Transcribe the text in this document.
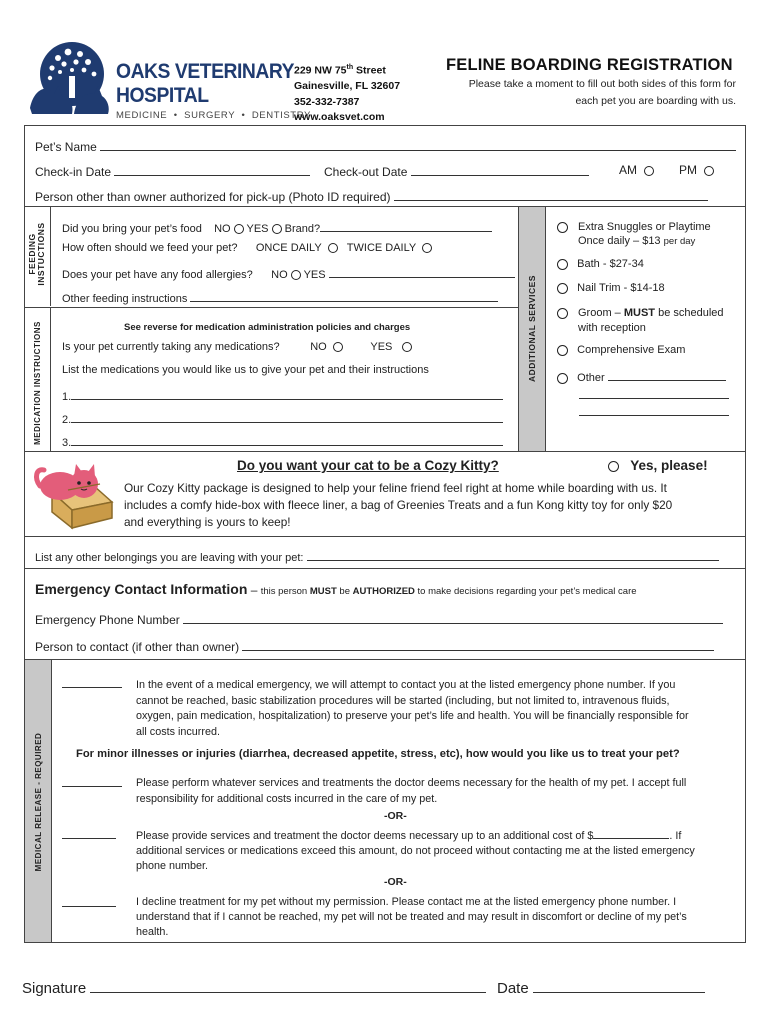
OAKS VETERINARY
HOSPITAL
MEDICINE  •  SURGERY  •  DENTISTRY
229 NW 75th Street
Gainesville, FL 32607
352-332-7387
www.oaksvet.com
FELINE BOARDING REGISTRATION
Please take a moment to fill out both sides of this form for
each pet you are boarding with us.
Pet’s Name
Check-in Date	Check-out Date	AM	PM
Person other than owner authorized for pick-up (Photo ID required)
FEEDING INSTUCTIONS Did you bring your pet’s food NO YES Brand?
How often should we feed your pet? ONCE DAILY TWICE DAILY
Does your pet have any food allergies? NO YES
Other feeding instructions
MEDICATION INSTRUCTIONS	See reverse for medication administration policies and charges
Is your pet currently taking any medications?	NO	YES
List the medications you would like us to give your pet and their instructions
1.
2.
3.
ADDITIONAL SERVICES
Extra Snuggles or Playtime
Once daily – $13 per day
Bath - $27-34
Nail Trim - $14-18
Groom – MUST be scheduled
with reception
Comprehensive Exam
Other
Do you want your cat to be a Cozy Kitty?	Yes, please!
Our Cozy Kitty package is designed to help your feline friend feel right at home while boarding with us. It
includes a comfy hide-box with fleece liner, a bag of Greenies Treats and a fun Kong kitty toy for only $20
and everything is yours to keep!
List any other belongings you are leaving with your pet:
Emergency Contact Information – this person MUST be AUTHORIZED to make decisions regarding your pet’s medical care
Emergency Phone Number
Person to contact (if other than owner)
MEDICAL RELEASE - REQUIRED
In the event of a medical emergency, we will attempt to contact you at the listed emergency phone number. If you
cannot be reached, basic stabilization procedures will be started (including, but not limited to, intravenous fluids,
oxygen, pain medication, hospitalization) to preserve your pet’s life and health. You will be financially responsible for
all costs incurred.
For minor illnesses or injuries (diarrhea, decreased appetite, stress, etc), how would you like us to treat your pet?
Please perform whatever services and treatments the doctor deems necessary for the health of my pet. I accept full
responsibility for additional costs incurred in the care of my pet.
-OR-
Please provide services and treatment the doctor deems necessary up to an additional cost of $	. If
additional services or medications exceed this amount, do not proceed without contacting me at the listed emergency
phone number.
-OR-
I decline treatment for my pet without my permission. Please contact me at the listed emergency phone number. I
understand that if I cannot be reached, my pet will not be treated and may result in discomfort or decline of my pet’s
health.
Signature	Date
